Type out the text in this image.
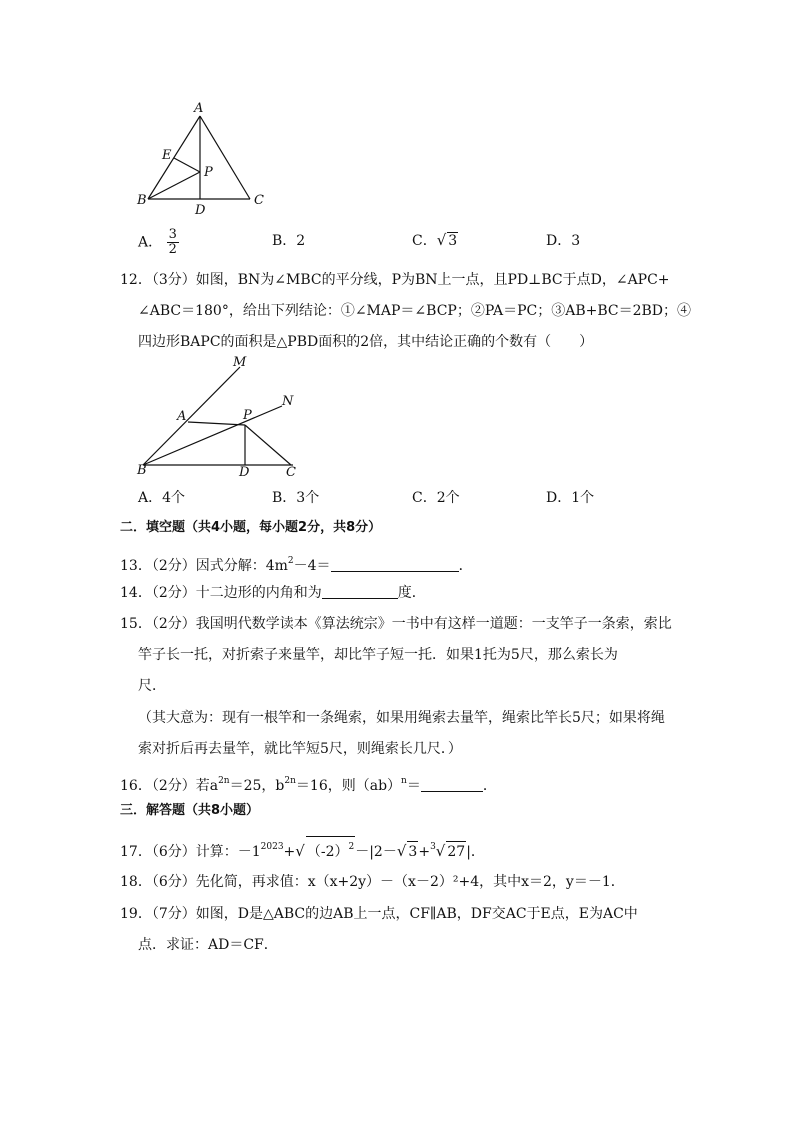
A
E
P
B
D
C
A． $\frac{3}{2}$	B．2	C．√ 3	D．3
12．（3分）如图，BN为∠MBC的平分线，P为BN上一点，且PD⊥BC于点D，∠APC+
∠ABC＝180°，给出下列结论：①∠MAP＝∠BCP；②PA＝PC；③AB+BC＝2BD；④
四边形BAPC的面积是△PBD面积的2倍，其中结论正确的个数有（　　）
M
A	P
N
B	D	C
A．4个	B．3个	C．2个	D．1个
二．填空题（共4小题，每小题2分，共8分）
13．（2分）因式分解：$4m^2-4=$	．
14．（2分）十二边形的内角和为	度．
15．（2分）我国明代数学读本《算法统宗》一书中有这样一道题：一支竿子一条索，索比
竿子长一托，对折索子来量竿，却比竿子短一托．如果1托为5尺，那么索长为
尺．
（其大意为：现有一根竿和一条绳索，如果用绳索去量竿，绳索比竿长5尺；如果将绳
索对折后再去量竿，就比竿短5尺，则绳索长几尺．）
16．（2分）若$a^{2n}=25$，$b^{2n}=16$，则（ab）$^n$＝	．
三．解答题（共8小题）
17．（6分）计算：$-1^{2023}+√$ $(-2)^2-|2-√$ 3+$^3$√ 27|．
18．（6分）先化简，再求值：x（x+2y）－（x－2）²+4，其中x＝2，y＝－1．
19．（7分）如图，D是△ABC的边AB上一点，CF∥AB，DF交AC于E点，E为AC中
点．求证：AD＝CF．
